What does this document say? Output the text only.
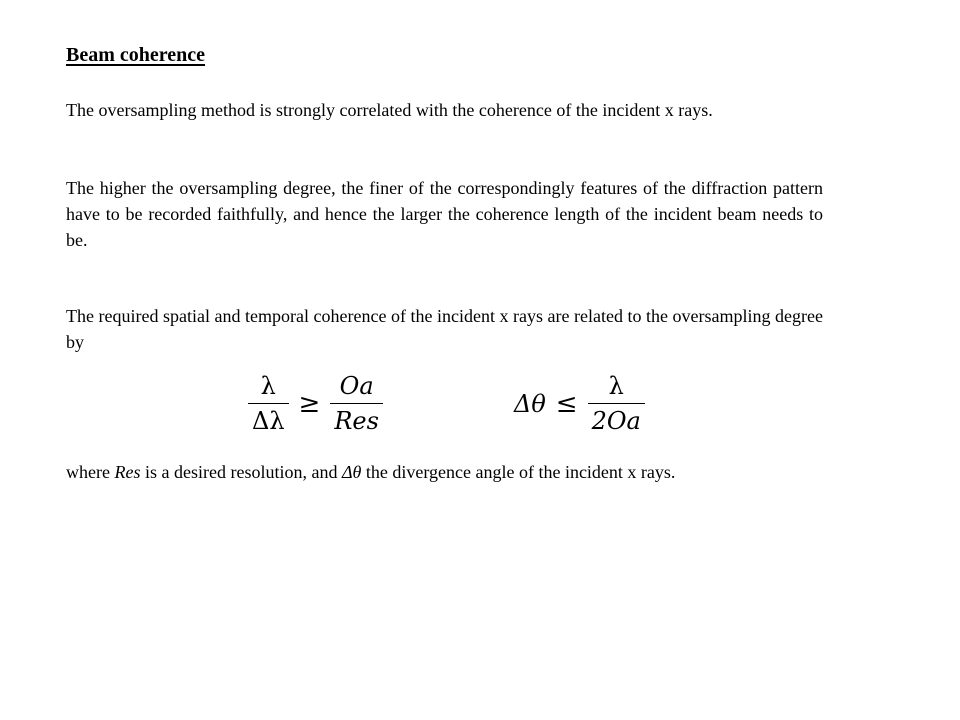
Beam coherence

The oversampling method is strongly correlated with the coherence of the incident x rays.

The higher the oversampling degree, the finer of the correspondingly features of the diffraction pattern have to be recorded faithfully, and hence the larger the coherence length of the incident beam needs to be.

The required spatial and temporal coherence of the incident x rays are related to the oversampling degree by

$\frac{\lambda}{\Delta\lambda} \ge \frac{Oa}{\text{Res}}$	$\Delta\theta \le \frac{\lambda}{2Oa}$

where Res is a desired resolution, and Δθ the divergence angle of the incident x rays.
